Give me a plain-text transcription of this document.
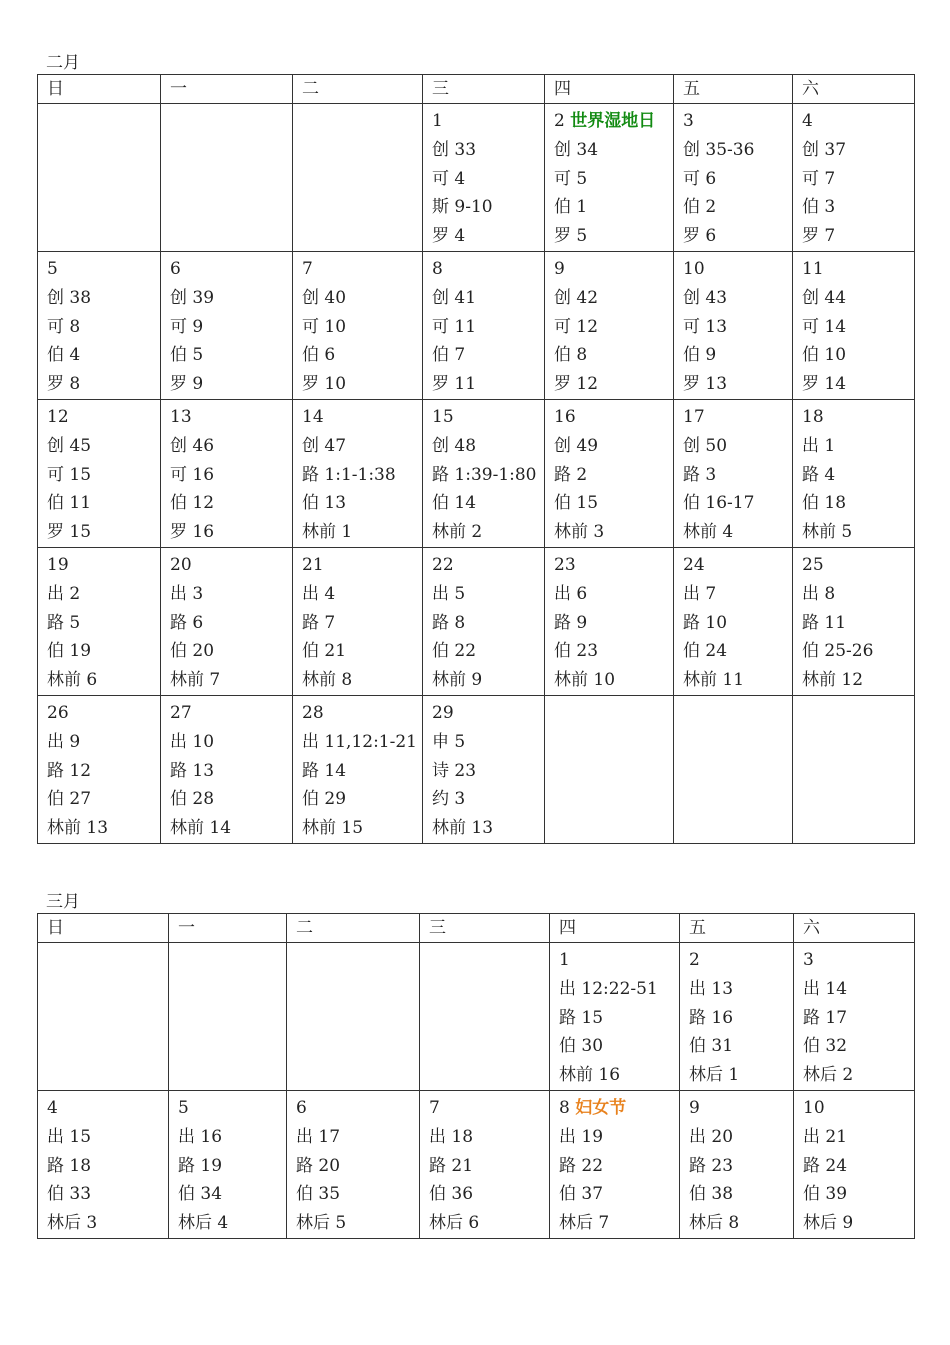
二月
日	一	二	三	四	五	六

			1
创 33
可 4
斯 9-10
罗 4	2 世界湿地日
创 34
可 5
伯 1
罗 5	3
创 35-36
可 6
伯 2
罗 6	4
创 37
可 7
伯 3
罗 7

5
创 38
可 8
伯 4
罗 8	6
创 39
可 9
伯 5
罗 9	7
创 40
可 10
伯 6
罗 10	8
创 41
可 11
伯 7
罗 11	9
创 42
可 12
伯 8
罗 12	10
创 43
可 13
伯 9
罗 13	11
创 44
可 14
伯 10
罗 14

12
创 45
可 15
伯 11
罗 15	13
创 46
可 16
伯 12
罗 16	14
创 47
路 1:1-1:38
伯 13
林前 1	15
创 48
路 1:39-1:80
伯 14
林前 2	16
创 49
路 2
伯 15
林前 3	17
创 50
路 3
伯 16-17
林前 4	18
出 1
路 4
伯 18
林前 5

19
出 2
路 5
伯 19
林前 6	20
出 3
路 6
伯 20
林前 7	21
出 4
路 7
伯 21
林前 8	22
出 5
路 8
伯 22
林前 9	23
出 6
路 9
伯 23
林前 10	24
出 7
路 10
伯 24
林前 11	25
出 8
路 11
伯 25-26
林前 12

26
出 9
路 12
伯 27
林前 13	27
出 10
路 13
伯 28
林前 14	28
出 11,12:1-21
路 14
伯 29
林前 15	29
申 5
诗 23
约 3
林前 13			

三月
日	一	二	三	四	五	六

				1
出 12:22-51
路 15
伯 30
林前 16	2
出 13
路 16
伯 31
林后 1	3
出 14
路 17
伯 32
林后 2

4
出 15
路 18
伯 33
林后 3	5
出 16
路 19
伯 34
林后 4	6
出 17
路 20
伯 35
林后 5	7
出 18
路 21
伯 36
林后 6	8 妇女节
出 19
路 22
伯 37
林后 7	9
出 20
路 23
伯 38
林后 8	10
出 21
路 24
伯 39
林后 9
